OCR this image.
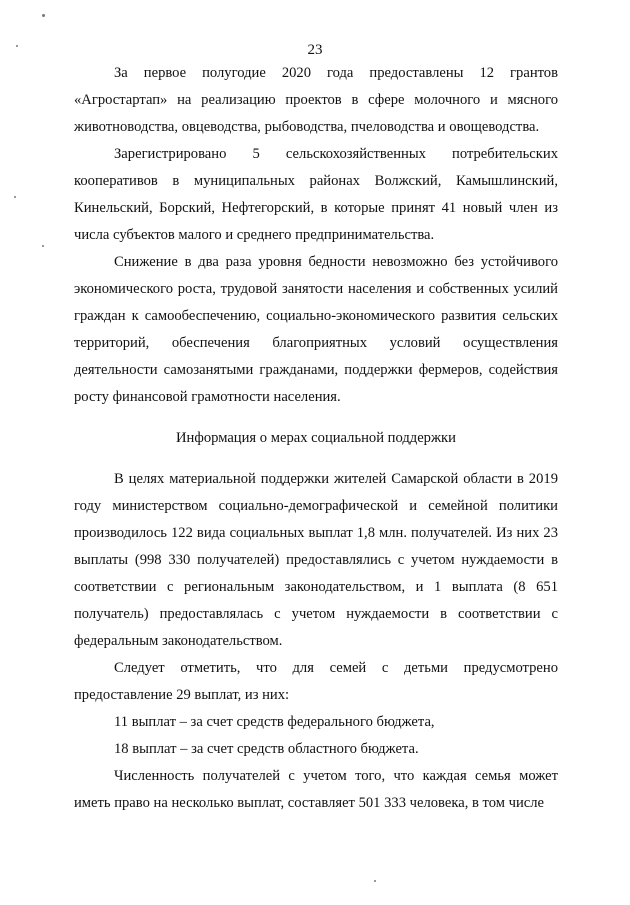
23

За первое полугодие 2020 года предоставлены 12 грантов «Агростартап» на реализацию проектов в сфере молочного и мясного животноводства, овцеводства, рыбоводства, пчеловодства и овощеводства.

Зарегистрировано 5 сельскохозяйственных потребительских кооперативов в муниципальных районах Волжский, Камышлинский, Кинельский, Борский, Нефтегорский, в которые принят 41 новый член из числа субъектов малого и среднего предпринимательства.

Снижение в два раза уровня бедности невозможно без устойчивого экономического роста, трудовой занятости населения и собственных усилий граждан к самообеспечению, социально-экономического развития сельских территорий, обеспечения благоприятных условий осуществления деятельности самозанятыми гражданами, поддержки фермеров, содействия росту финансовой грамотности населения.

Информация о мерах социальной поддержки

В целях материальной поддержки жителей Самарской области в 2019 году министерством социально-демографической и семейной политики производилось 122 вида социальных выплат 1,8 млн. получателей. Из них 23 выплаты (998 330 получателей) предоставлялись с учетом нуждаемости в соответствии с региональным законодательством, и 1 выплата (8 651 получатель) предоставлялась с учетом нуждаемости в соответствии с федеральным законодательством.

Следует отметить, что для семей с детьми предусмотрено предоставление 29 выплат, из них:

11 выплат – за счет средств федерального бюджета,

18 выплат – за счет средств областного бюджета.

Численность получателей с учетом того, что каждая семья может иметь право на несколько выплат, составляет 501 333 человека, в том числе
